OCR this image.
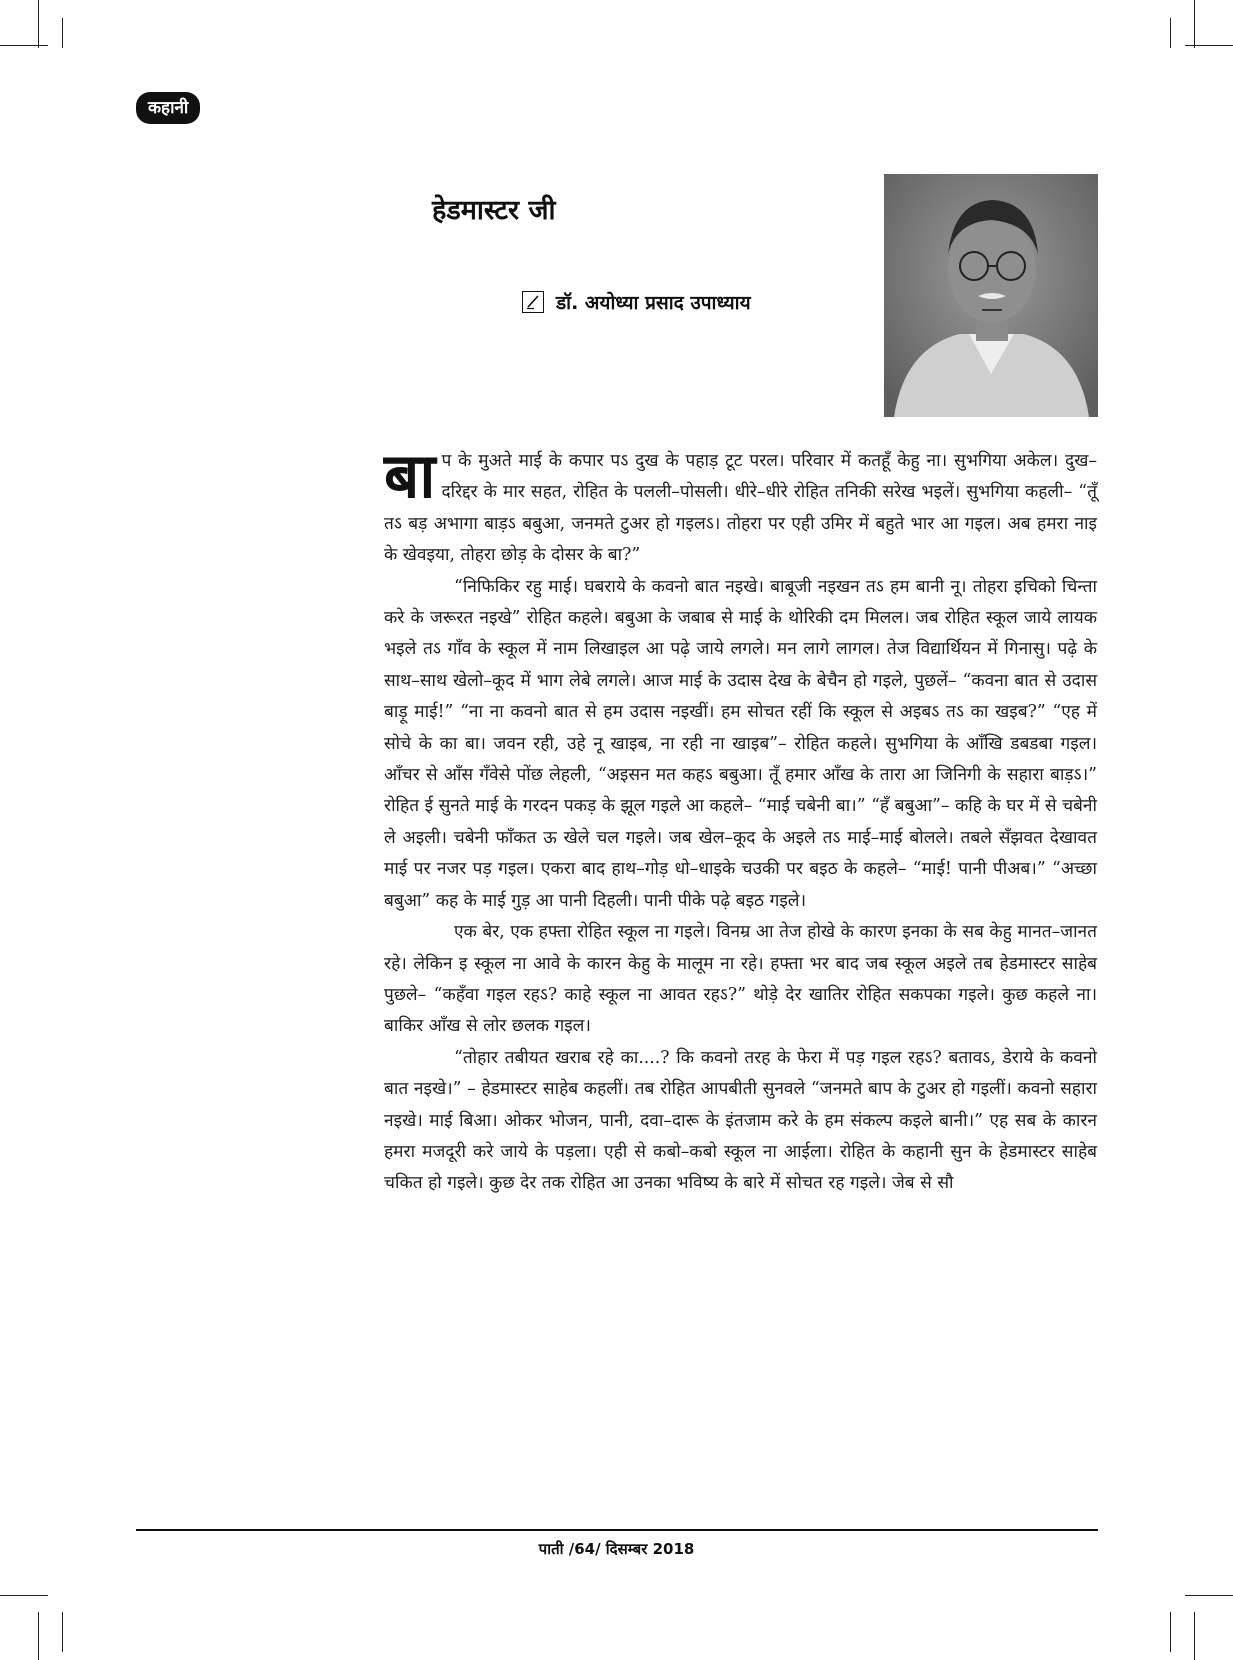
कहानी
हेडमास्टर जी
डॉ. अयोध्या प्रसाद उपाध्याय

बाप के मुअते माई के कपार पऽ दुख के पहाड़ टूट परल। परिवार में कतहूँ केहु ना। सुभगिया अकेल। दुख–दरिद्दर के मार सहत, रोहित के पलली–पोसली। धीरे–धीरे रोहित तनिकी सरेख भइलें। सुभगिया कहली– “तूँ तऽ बड़ अभागा बाड़ऽ बबुआ, जनमते टुअर हो गइलऽ। तोहरा पर एही उमिर में बहुते भार आ गइल। अब हमरा नाइ के खेवइया, तोहरा छोड़ के दोसर के बा?”

“निफिकिर रहु माई। घबराये के कवनो बात नइखे। बाबूजी नइखन तऽ हम बानी नू। तोहरा इचिको चिन्ता करे के जरूरत नइखे” रोहित कहले। बबुआ के जबाब से माई के थोरिकी दम मिलल। जब रोहित स्कूल जाये लायक भइले तऽ गाँव के स्कूल में नाम लिखाइल आ पढ़े जाये लगले। मन लागे लागल। तेज विद्यार्थियन में गिनासु। पढ़े के साथ–साथ खेलो–कूद में भाग लेबे लगले। आज माई के उदास देख के बेचैन हो गइले, पुछलें– “कवना बात से उदास बाड़ू माई!” “ना ना कवनो बात से हम उदास नइखीं। हम सोचत रहीं कि स्कूल से अइबऽ तऽ का खइब?” “एह में सोचे के का बा। जवन रही, उहे नू खाइब, ना रही ना खाइब”– रोहित कहले। सुभगिया के आँखि डबडबा गइल। आँचर से आँस गँवेसे पोंछ लेहली, “अइसन मत कहऽ बबुआ। तूँ हमार आँख के तारा आ जिनिगी के सहारा बाड़ऽ।” रोहित ई सुनते माई के गरदन पकड़ के झूल गइले आ कहले– “माई चबेनी बा।” “हँ बबुआ”– कहि के घर में से चबेनी ले अइली। चबेनी फाँकत ऊ खेले चल गइले। जब खेल–कूद के अइले तऽ माई–माई बोलले। तबले सँझवत देखावत माई पर नजर पड़ गइल। एकरा बाद हाथ–गोड़ धो–धाइके चउकी पर बइठ के कहले– “माई! पानी पीअब।” “अच्छा बबुआ” कह के माई गुड़ आ पानी दिहली। पानी पीके पढ़े बइठ गइले।

एक बेर, एक हफ्ता रोहित स्कूल ना गइले। विनम्र आ तेज होखे के कारण इनका के सब केहु मानत–जानत रहे। लेकिन इ स्कूल ना आवे के कारन केहु के मालूम ना रहे। हफ्ता भर बाद जब स्कूल अइले तब हेडमास्टर साहेब पुछले– “कहँवा गइल रहऽ? काहे स्कूल ना आवत रहऽ?” थोड़े देर खातिर रोहित सकपका गइले। कुछ कहले ना। बाकिर आँख से लोर छलक गइल।

“तोहार तबीयत खराब रहे का....? कि कवनो तरह के फेरा में पड़ गइल रहऽ? बतावऽ, डेराये के कवनो बात नइखे।” – हेडमास्टर साहेब कहलीं। तब रोहित आपबीती सुनवले “जनमते बाप के टुअर हो गइलीं। कवनो सहारा नइखे। माई बिआ। ओकर भोजन, पानी, दवा–दारू के इंतजाम करे के हम संकल्प कइले बानी।” एह सब के कारन हमरा मजदूरी करे जाये के पड़ला। एही से कबो–कबो स्कूल ना आईला। रोहित के कहानी सुन के हेडमास्टर साहेब चकित हो गइले। कुछ देर तक रोहित आ उनका भविष्य के बारे में सोचत रह गइले। जेब से सौ

पाती /64/ दिसम्बर 2018
